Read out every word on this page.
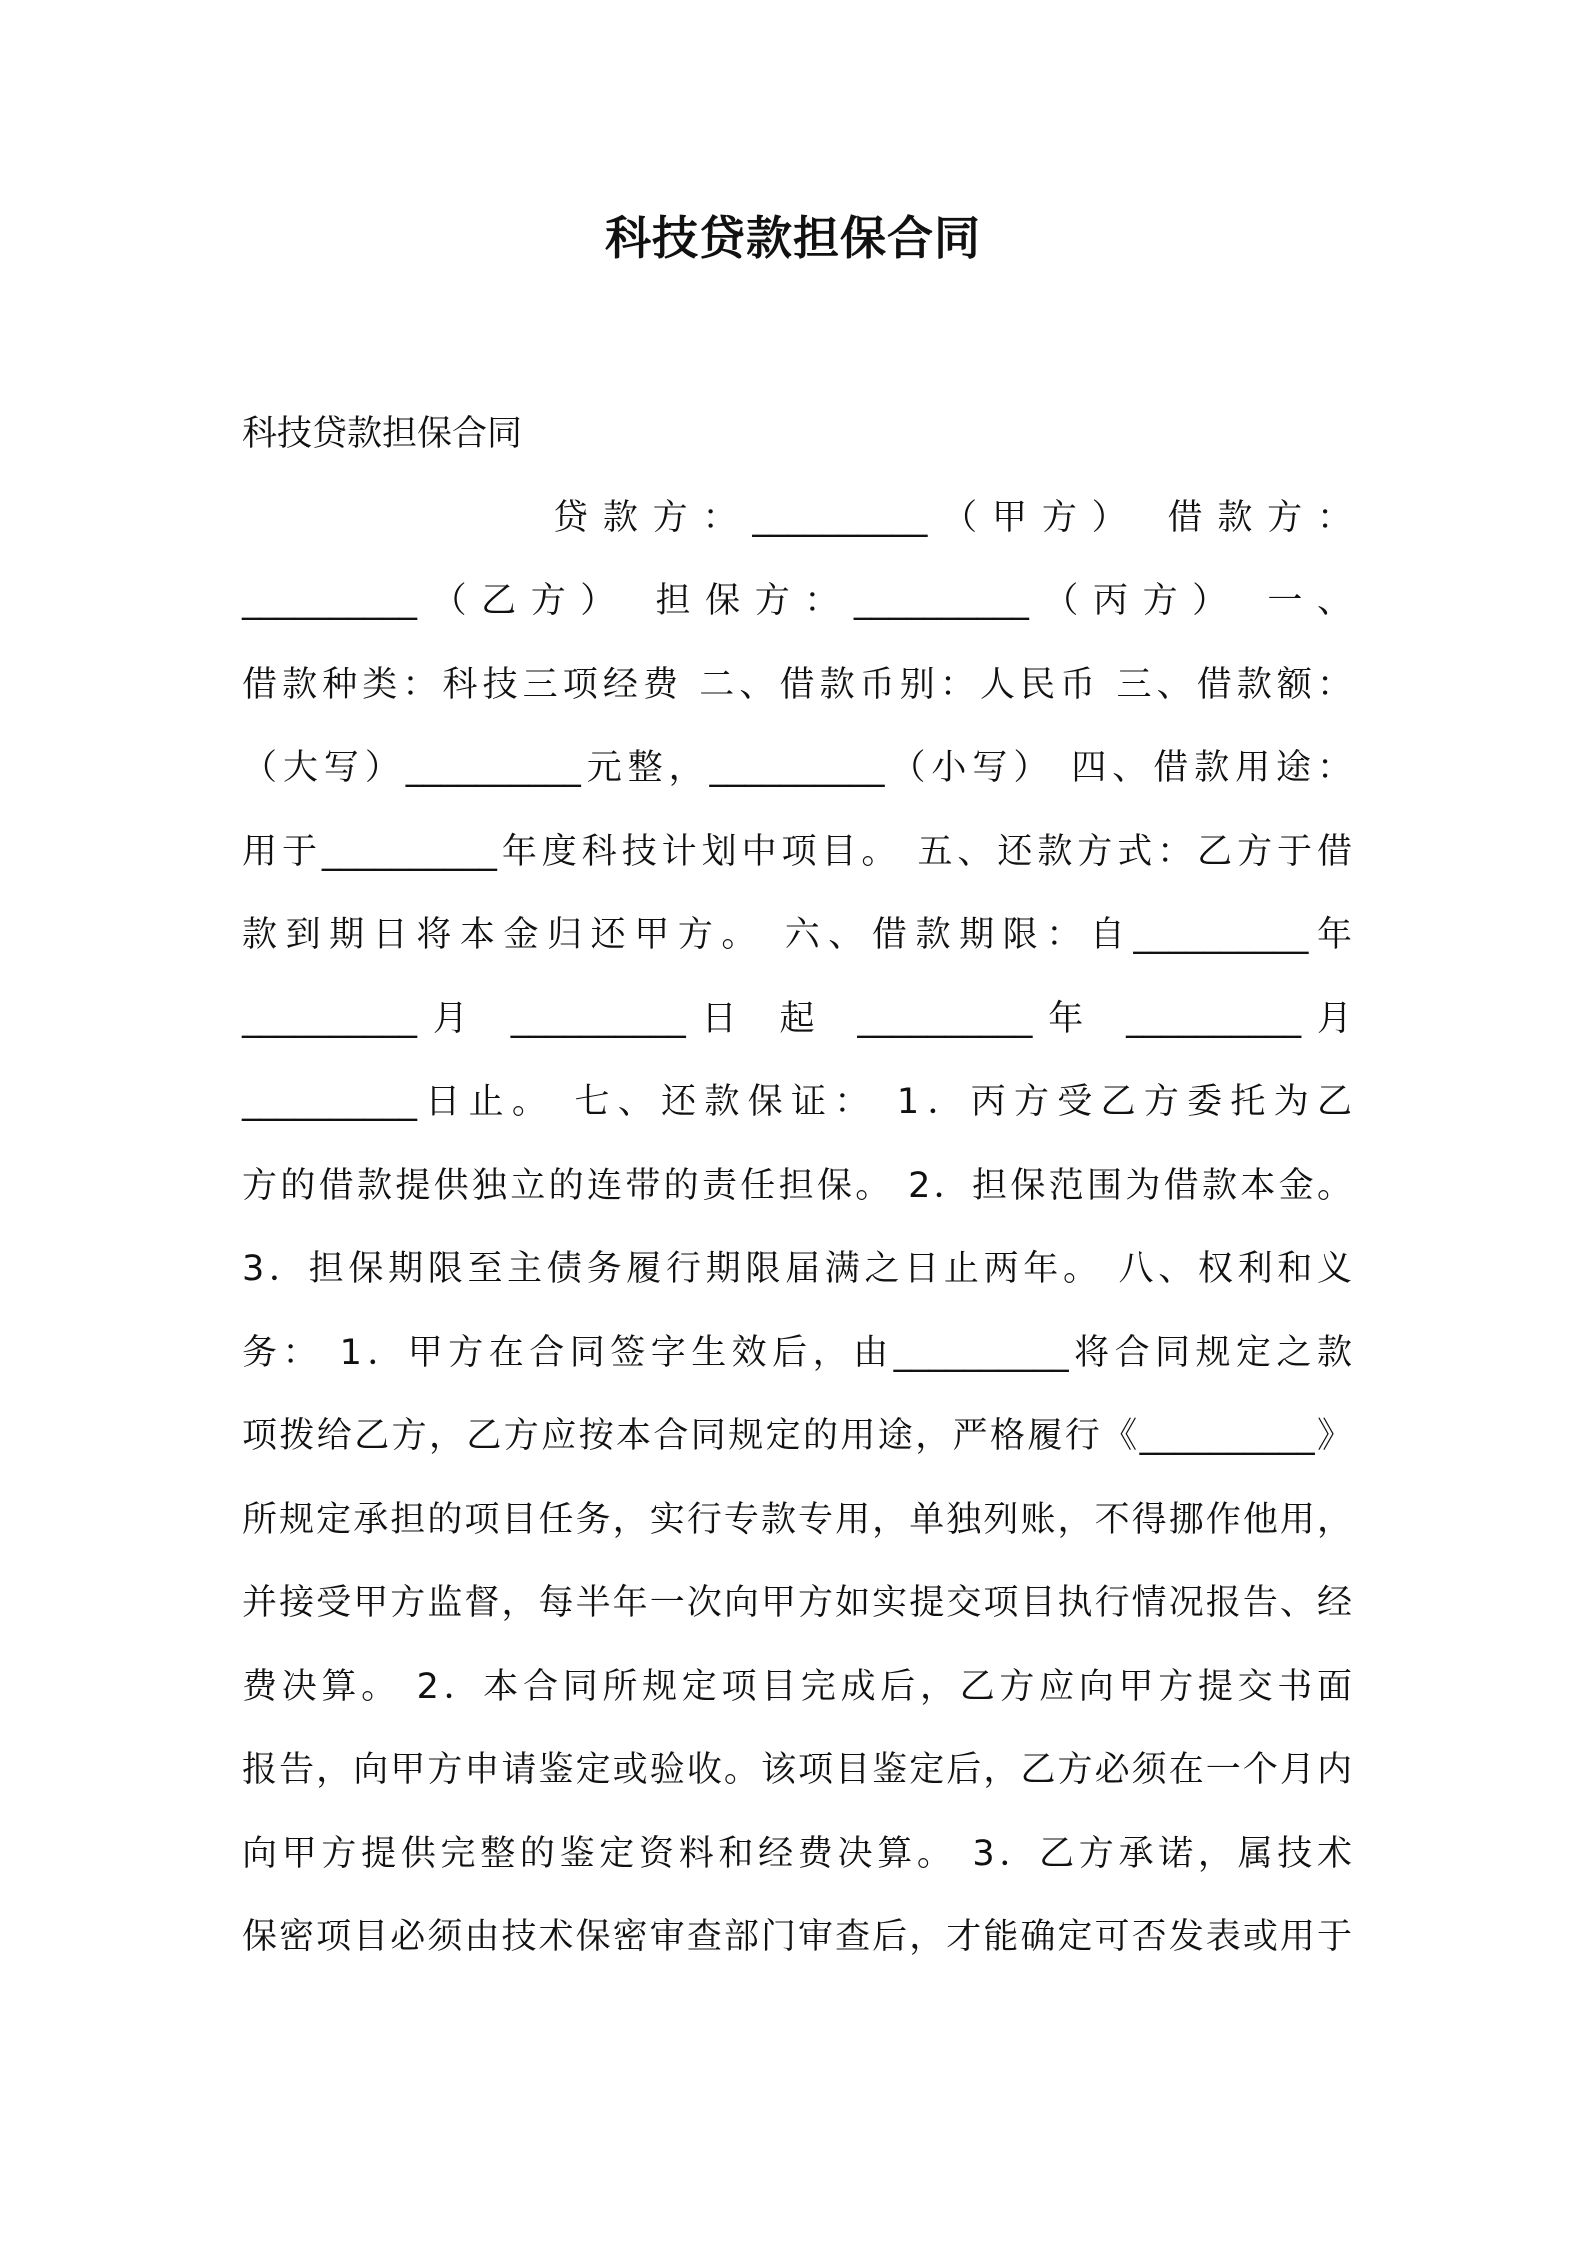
科技贷款担保合同
科技贷款担保合同
贷款方：__________（甲方） 借款方：
__________（乙方） 担保方：__________（丙方） 一、
借款种类：科技三项经费 二、借款币别：人民币 三、借款额：
（大写）__________元整，__________（小写） 四、借款用途：
用于__________年度科技计划中项目。 五、还款方式：乙方于借
款到期日将本金归还甲方。 六、借款期限：自__________年
__________月 __________日 起 __________年 __________月
__________日止。 七、还款保证： 1．丙方受乙方委托为乙
方的借款提供独立的连带的责任担保。 2．担保范围为借款本金。
3．担保期限至主债务履行期限届满之日止两年。 八、权利和义
务： 1．甲方在合同签字生效后，由__________将合同规定之款
项拨给乙方，乙方应按本合同规定的用途，严格履行《__________》
所规定承担的项目任务，实行专款专用，单独列账，不得挪作他用，
并接受甲方监督，每半年一次向甲方如实提交项目执行情况报告、经
费决算。 2．本合同所规定项目完成后，乙方应向甲方提交书面
报告，向甲方申请鉴定或验收。该项目鉴定后，乙方必须在一个月内
向甲方提供完整的鉴定资料和经费决算。 3．乙方承诺，属技术
保密项目必须由技术保密审查部门审查后，才能确定可否发表或用于
